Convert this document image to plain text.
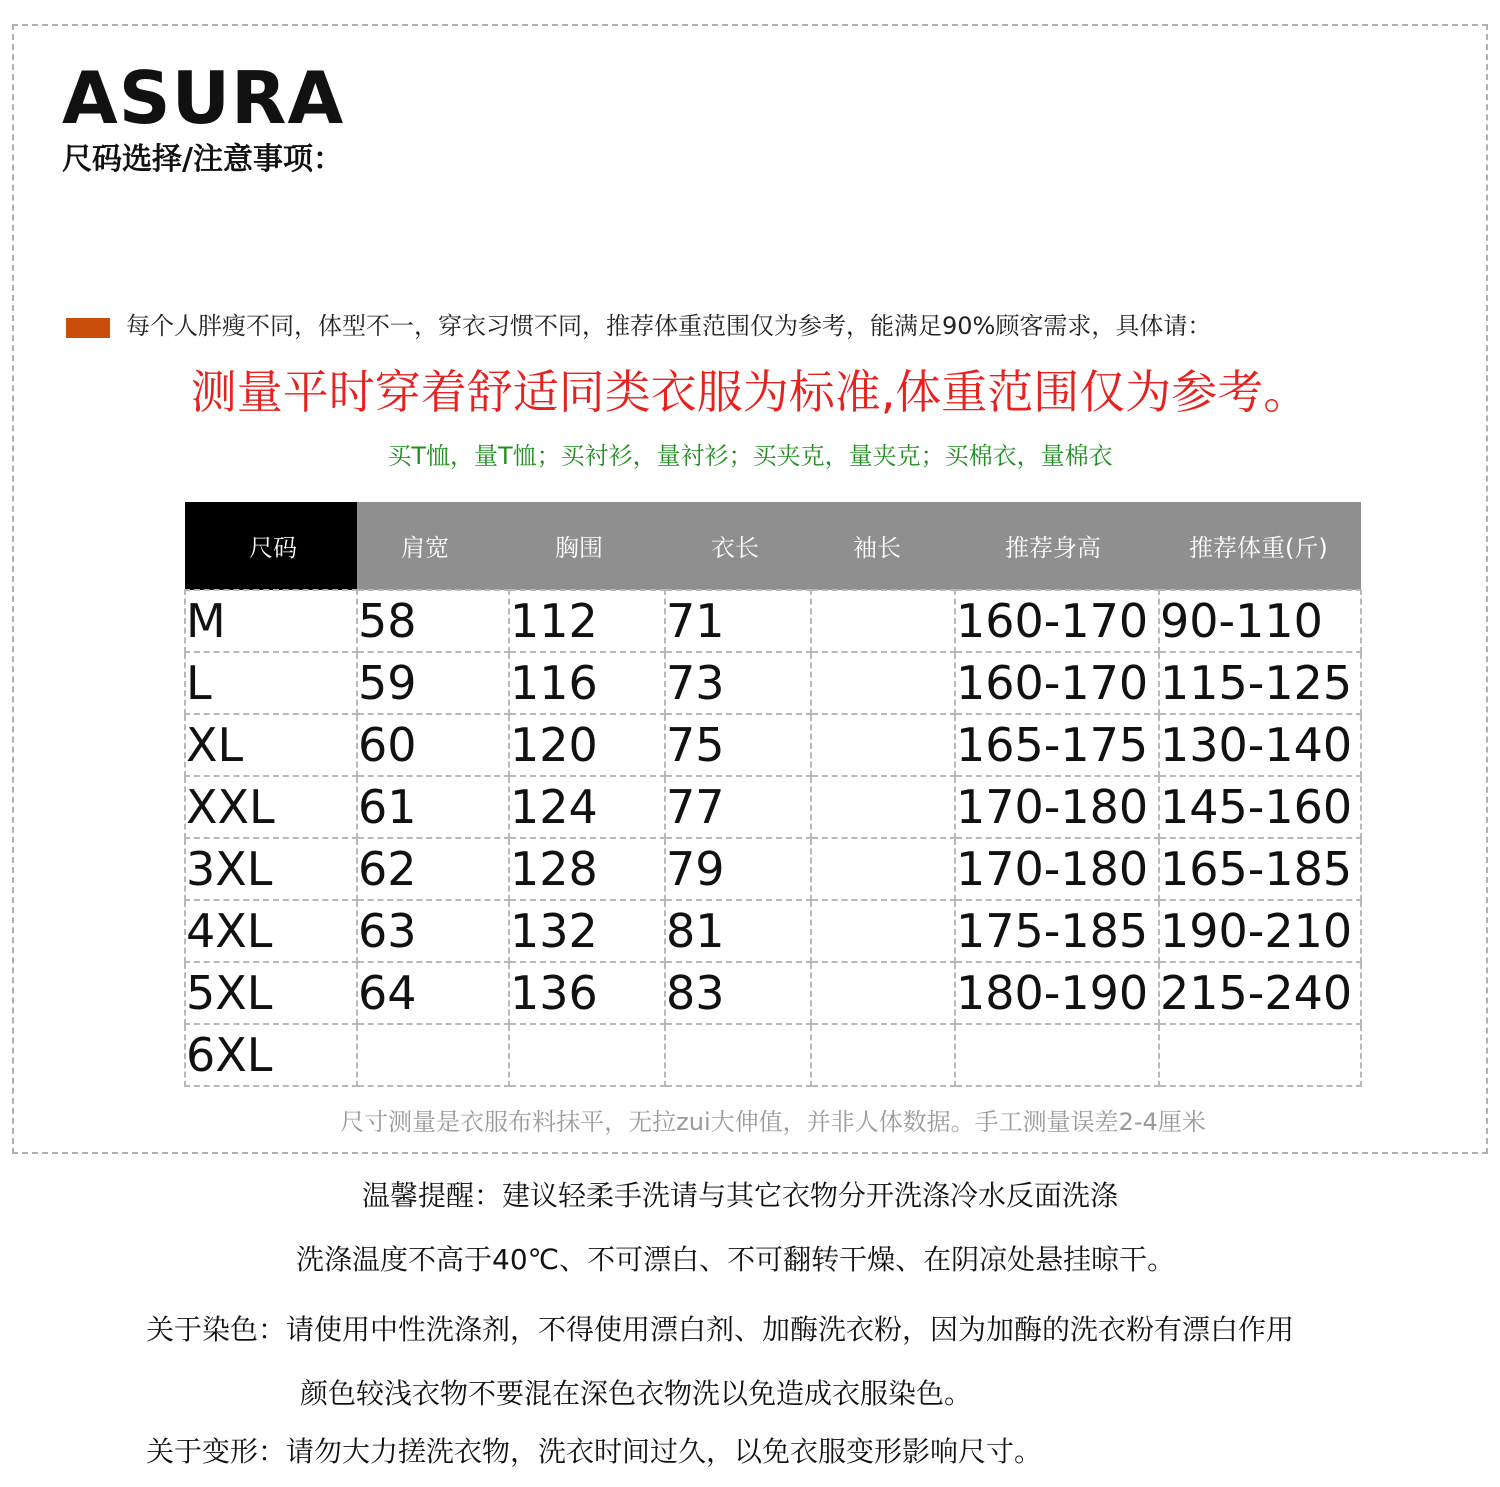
ASURA
尺码选择/注意事项：
每个人胖瘦不同，体型不一，穿衣习惯不同，推荐体重范围仅为参考，能满足90%顾客需求，具体请：
测量平时穿着舒适同类衣服为标准,体重范围仅为参考。
买T恤，量T恤；买衬衫，量衬衫；买夹克，量夹克；买棉衣，量棉衣
尺码	肩宽	胸围	衣长	袖长	推荐身高	推荐体重(斤)
M	58	112	71		160-170	90-110
L	59	116	73		160-170	115-125
XL	60	120	75		165-175	130-140
XXL	61	124	77		170-180	145-160
3XL	62	128	79		170-180	165-185
4XL	63	132	81		175-185	190-210
5XL	64	136	83		180-190	215-240
6XL						
尺寸测量是衣服布料抹平，无拉zui大伸值，并非人体数据。手工测量误差2-4厘米
温馨提醒：建议轻柔手洗请与其它衣物分开洗涤冷水反面洗涤
洗涤温度不高于40℃、不可漂白、不可翻转干燥、在阴凉处悬挂晾干。
关于染色：请使用中性洗涤剂，不得使用漂白剂、加酶洗衣粉，因为加酶的洗衣粉有漂白作用
颜色较浅衣物不要混在深色衣物洗以免造成衣服染色。
关于变形：请勿大力搓洗衣物，洗衣时间过久，以免衣服变形影响尺寸。
